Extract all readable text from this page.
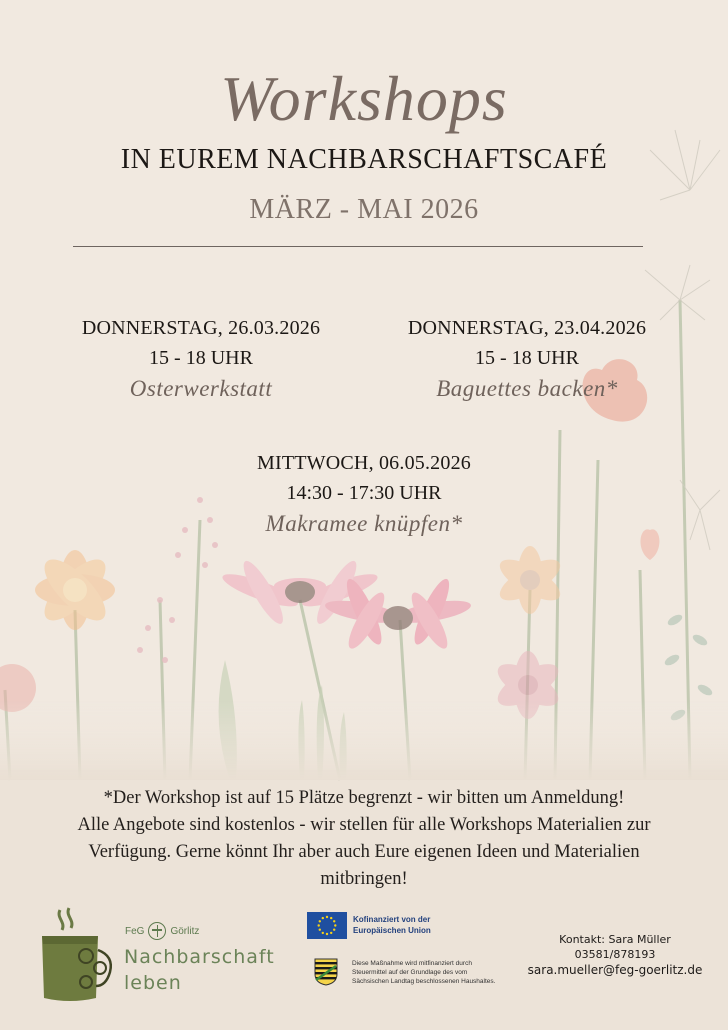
Workshops
IN EUREM NACHBARSCHAFTSCAFÉ
MÄRZ - MAI 2026
DONNERSTAG, 26.03.2026
15 - 18 UHR
Osterwerkstatt
DONNERSTAG, 23.04.2026
15 - 18 UHR
Baguettes backen*
MITTWOCH, 06.05.2026
14:30 - 17:30 UHR
Makramee knüpfen*

*Der Workshop ist auf 15 Plätze begrenzt - wir bitten um Anmeldung!

Alle Angebote sind kostenlos - wir stellen für alle Workshops Materialien zur

Verfügung. Gerne könnt Ihr aber auch Eure eigenen Ideen und Materialien

mitbringen!

FeG	Görlitz
Nachbarschaft
leben
Kofinanziert von der
Europäischen Union
Diese Maßnahme wird mitfinanziert durch
Steuermittel auf der Grundlage des vom
Sächsischen Landtag beschlossenen Haushaltes.
Kontakt: Sara Müller
03581/878193
sara.mueller@feg-goerlitz.de
